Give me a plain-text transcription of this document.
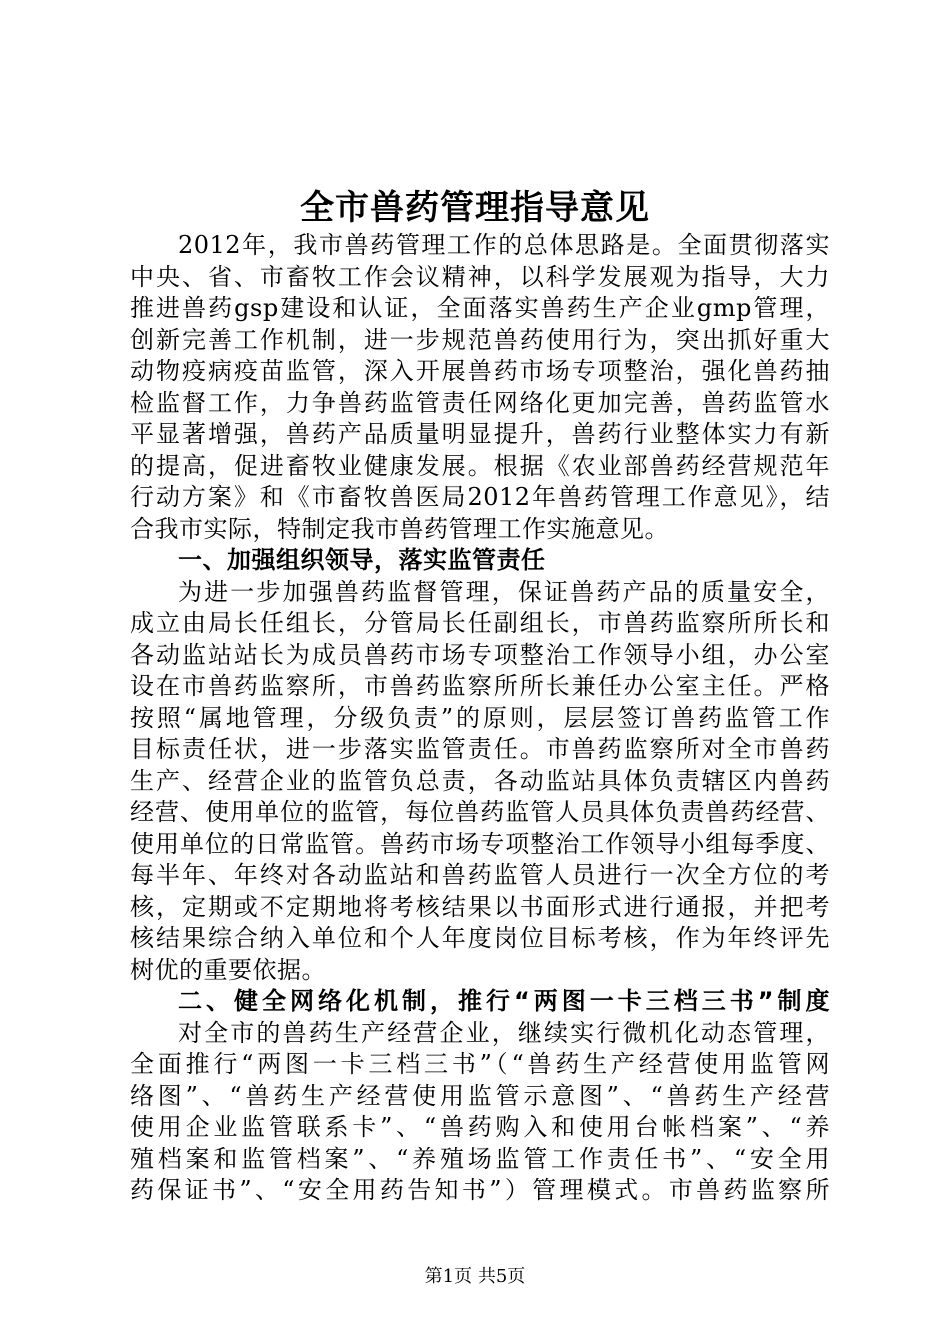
全市兽药管理指导意见
2012年，我市兽药管理工作的总体思路是。全面贯彻落实
中央、省、市畜牧工作会议精神，以科学发展观为指导，大力
推进兽药gsp建设和认证，全面落实兽药生产企业gmp管理，
创新完善工作机制，进一步规范兽药使用行为，突出抓好重大
动物疫病疫苗监管，深入开展兽药市场专项整治，强化兽药抽
检监督工作，力争兽药监管责任网络化更加完善，兽药监管水
平显著增强，兽药产品质量明显提升，兽药行业整体实力有新
的提高，促进畜牧业健康发展。根据《农业部兽药经营规范年
行动方案》和《市畜牧兽医局2012年兽药管理工作意见》，结
合我市实际，特制定我市兽药管理工作实施意见。
一、加强组织领导，落实监管责任
为进一步加强兽药监督管理，保证兽药产品的质量安全，
成立由局长任组长，分管局长任副组长，市兽药监察所所长和
各动监站站长为成员兽药市场专项整治工作领导小组，办公室
设在市兽药监察所，市兽药监察所所长兼任办公室主任。严格
按照“属地管理，分级负责”的原则，层层签订兽药监管工作
目标责任状，进一步落实监管责任。市兽药监察所对全市兽药
生产、经营企业的监管负总责，各动监站具体负责辖区内兽药
经营、使用单位的监管，每位兽药监管人员具体负责兽药经营、
使用单位的日常监管。兽药市场专项整治工作领导小组每季度、
每半年、年终对各动监站和兽药监管人员进行一次全方位的考
核，定期或不定期地将考核结果以书面形式进行通报，并把考
核结果综合纳入单位和个人年度岗位目标考核，作为年终评先
树优的重要依据。
二、健全网络化机制，推行“两图一卡三档三书”制度
对全市的兽药生产经营企业，继续实行微机化动态管理，
全面推行“两图一卡三档三书”（“兽药生产经营使用监管网
络图”、“兽药生产经营使用监管示意图”、“兽药生产经营
使用企业监管联系卡”、“兽药购入和使用台帐档案”、“养
殖档案和监管档案”、“养殖场监管工作责任书”、“安全用
药保证书”、“安全用药告知书”）管理模式。市兽药监察所
第1页 共5页
